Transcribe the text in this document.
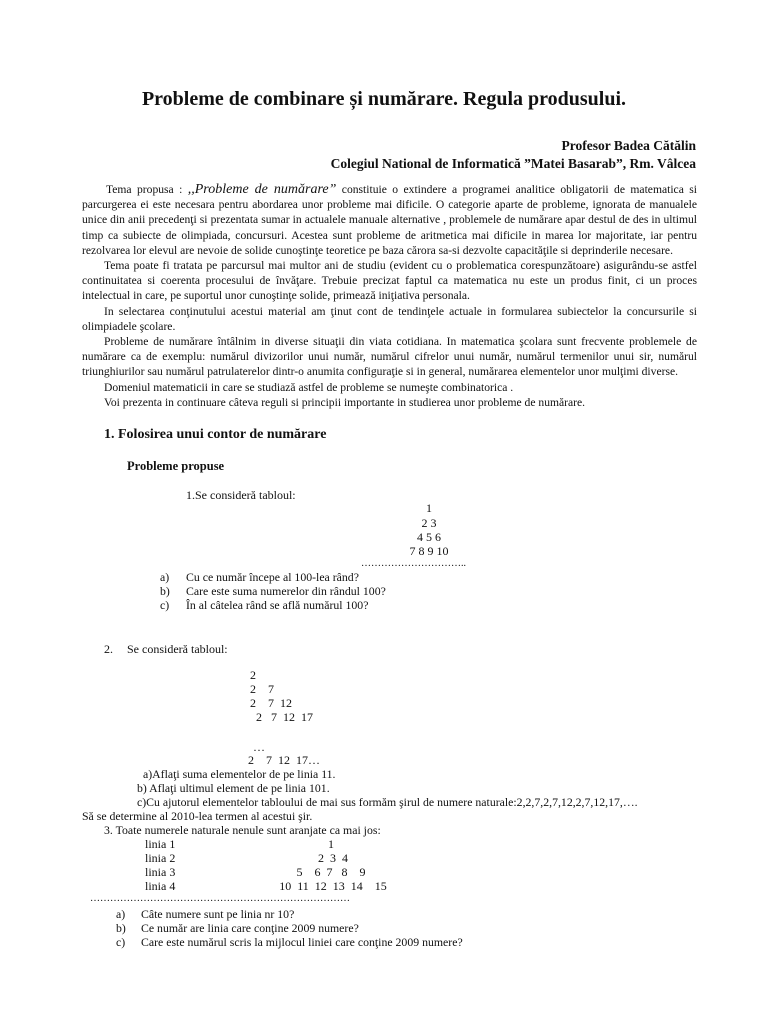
Probleme de combinare și numărare. Regula produsului.
Profesor Badea Cătălin
Colegiul National de Informatică ”Matei Basarab”, Rm. Vâlcea

Tema propusa : ,,Probleme de numărare” constituie o extindere a programei analitice obligatorii de matematica si parcurgerea ei este necesara pentru abordarea unor probleme mai dificile. O categorie aparte de probleme, ignorata de manualele unice din anii precedenţi si prezentata sumar in actualele manuale alternative , problemele de numărare apar destul de des in ultimul timp ca subiecte de olimpiada, concursuri. Acestea sunt probleme de aritmetica mai dificile in marea lor majoritate, iar pentru rezolvarea lor elevul are nevoie de solide cunoştinţe teoretice pe baza cărora sa-si dezvolte capacităţile si deprinderile necesare.

Tema poate fi tratata pe parcursul mai multor ani de studiu (evident cu o problematica corespunzătoare) asigurându-se astfel continuitatea si coerenta procesului de învăţare. Trebuie precizat faptul ca matematica nu este un produs finit, ci un proces intelectual in care, pe suportul unor cunoştinţe solide, primează iniţiativa personala.

In selectarea conţinutului acestui material am ţinut cont de tendinţele actuale in formularea subiectelor la concursurile si olimpiadele şcolare.

Probleme de numărare întâlnim in diverse situaţii din viata cotidiana. In matematica şcolara sunt frecvente problemele de numărare ca de exemplu: numărul divizorilor unui număr, numărul cifrelor unui număr, numărul termenilor unui sir, numărul triunghiurilor sau numărul patrulaterelor dintr-o anumita configuraţie si in general, numărarea elementelor unor mulţimi diverse.

Domeniul matematicii in care se studiază astfel de probleme se numeşte combinatorica .

Voi prezenta in continuare câteva reguli si principii importante in studierea unor probleme de numărare.

1. Folosirea unui contor de numărare
Probleme propuse
1.Se consideră tabloul:
1
2 3
4 5 6
7 8 9 10
…………………………..
a) Cu ce număr începe al 100-lea rând?
b) Care este suma numerelor din rândul 100?
c) În al câtelea rând se află numărul 100?
2. Se consideră tabloul:
2
2    7
2    7  12
2   7  12  17
…
2    7  12  17…
a)Aflaţi suma elementelor de pe linia 11.
b) Aflaţi ultimul element de pe linia 101.
c)Cu ajutorul elementelor tabloului de mai sus formăm şirul de numere naturale:2,2,7,2,7,12,2,7,12,17,….
Să se determine al 2010-lea termen al acestui şir.
3. Toate numerele naturale nenule sunt aranjate ca mai jos:
linia 1	1
linia 2	2  3  4
linia 3	5    6  7   8    9
linia 4	10  11  12  13  14    15
……………………………………………………………………
a) Câte numere sunt pe linia nr 10?
b) Ce număr are linia care conţine 2009 numere?
c) Care este numărul scris la mijlocul liniei care conţine 2009 numere?
